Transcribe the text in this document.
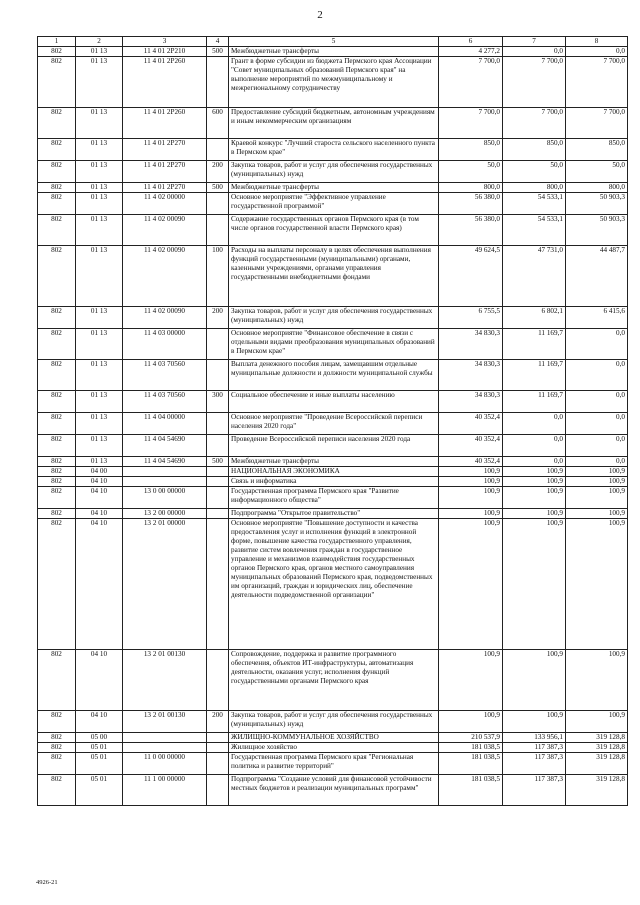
2
1	2	3	4	5	6	7	8
802	01 13	11 4 01 2P210	500	Межбюджетные трансферты	4 277,2	0,0	0,0
802	01 13	11 4 01 2P260		Грант в форме субсидии из бюджета Пермского края Ассоциации "Совет муниципальных образований Пермского края" на выполнение мероприятий по межмуниципальному и межрегиональному сотрудничеству	7 700,0	7 700,0	7 700,0
802	01 13	11 4 01 2P260	600	Предоставление субсидий бюджетным, автономным учреждениям и иным некоммерческим организациям	7 700,0	7 700,0	7 700,0
802	01 13	11 4 01 2P270		Краевой конкурс "Лучший староста сельского населенного пункта в Пермском крае"	850,0	850,0	850,0
802	01 13	11 4 01 2P270	200	Закупка товаров, работ и услуг для обеспечения государственных (муниципальных) нужд	50,0	50,0	50,0
802	01 13	11 4 01 2P270	500	Межбюджетные трансферты	800,0	800,0	800,0
802	01 13	11 4 02 00000		Основное мероприятие "Эффективное управление государственной программой"	56 380,0	54 533,1	50 903,3
802	01 13	11 4 02 00090		Содержание государственных органов Пермского края (в том числе органов государственной власти Пермского края)	56 380,0	54 533,1	50 903,3
802	01 13	11 4 02 00090	100	Расходы на выплаты персоналу в целях обеспечения выполнения функций государственными (муниципальными) органами, казенными учреждениями, органами управления государственными внебюджетными фондами	49 624,5	47 731,0	44 487,7
802	01 13	11 4 02 00090	200	Закупка товаров, работ и услуг для обеспечения государственных (муниципальных) нужд	6 755,5	6 802,1	6 415,6
802	01 13	11 4 03 00000		Основное мероприятие "Финансовое обеспечение в связи с отдельными видами преобразования муниципальных образований в Пермском крае"	34 830,3	11 169,7	0,0
802	01 13	11 4 03 70560		Выплата денежного пособия лицам, замещавшим отдельные муниципальные должности и должности муниципальной службы	34 830,3	11 169,7	0,0
802	01 13	11 4 03 70560	300	Социальное обеспечение и иные выплаты населению	34 830,3	11 169,7	0,0
802	01 13	11 4 04 00000		Основное мероприятие "Проведение Всероссийской переписи населения 2020 года"	40 352,4	0,0	0,0
802	01 13	11 4 04 54690		Проведение Всероссийской переписи населения 2020 года	40 352,4	0,0	0,0
802	01 13	11 4 04 54690	500	Межбюджетные трансферты	40 352,4	0,0	0,0
802	04 00			НАЦИОНАЛЬНАЯ ЭКОНОМИКА	100,9	100,9	100,9
802	04 10			Связь и информатика	100,9	100,9	100,9
802	04 10	13 0 00 00000		Государственная программа Пермского края "Развитие информационного общества"	100,9	100,9	100,9
802	04 10	13 2 00 00000		Подпрограмма "Открытое правительство"	100,9	100,9	100,9
802	04 10	13 2 01 00000		Основное мероприятие "Повышение доступности и качества предоставления услуг и исполнения функций в электронной форме, повышение качества государственного управления, развитие систем вовлечения граждан в государственное управление и механизмов взаимодействия государственных органов Пермского края, органов местного самоуправления муниципальных образований Пермского края, подведомственных им организаций, граждан и юридических лиц, обеспечение деятельности подведомственной организации"	100,9	100,9	100,9
802	04 10	13 2 01 00130		Сопровождение, поддержка и развитие программного обеспечения, объектов ИТ-инфраструктуры, автоматизация деятельности, оказания услуг, исполнения функций государственными органами Пермского края	100,9	100,9	100,9
802	04 10	13 2 01 00130	200	Закупка товаров, работ и услуг для обеспечения государственных (муниципальных) нужд	100,9	100,9	100,9
802	05 00			ЖИЛИЩНО-КОММУНАЛЬНОЕ ХОЗЯЙСТВО	210 537,9	133 956,1	319 128,8
802	05 01			Жилищное хозяйство	181 038,5	117 387,3	319 128,8
802	05 01	11 0 00 00000		Государственная программа Пермского края "Региональная политика и развитие территорий"	181 038,5	117 387,3	319 128,8
802	05 01	11 1 00 00000		Подпрограмма "Создание условий для финансовой устойчивости местных бюджетов и реализации муниципальных программ"	181 038,5	117 387,3	319 128,8
4926-21
